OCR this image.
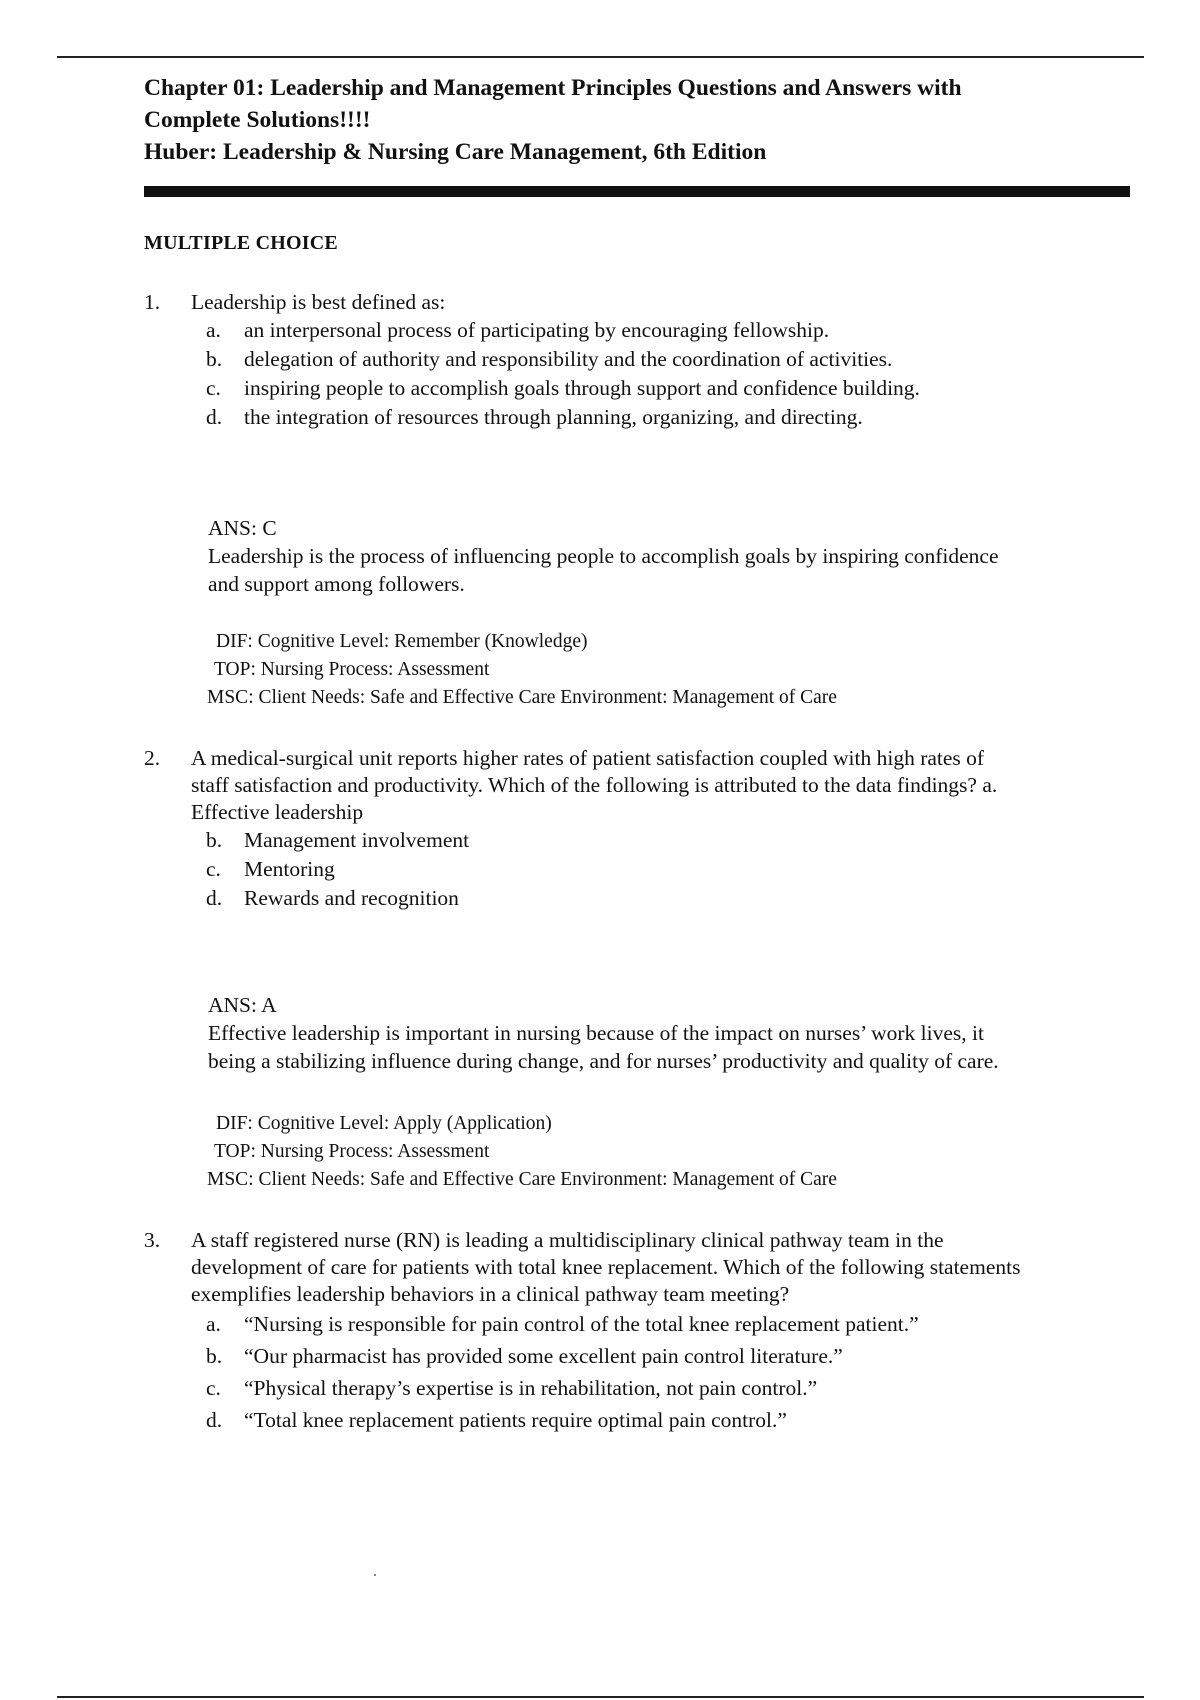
Chapter 01: Leadership and Management Principles Questions and Answers with
Complete Solutions!!!!
Huber: Leadership & Nursing Care Management, 6th Edition
MULTIPLE CHOICE
1. Leadership is best defined as:
a. an interpersonal process of participating by encouraging fellowship.
b. delegation of authority and responsibility and the coordination of activities.
c. inspiring people to accomplish goals through support and confidence building.
d. the integration of resources through planning, organizing, and directing.
ANS: C
Leadership is the process of influencing people to accomplish goals by inspiring confidence
and support among followers.
DIF: Cognitive Level: Remember (Knowledge)
TOP: Nursing Process: Assessment
MSC: Client Needs: Safe and Effective Care Environment: Management of Care
2. A medical-surgical unit reports higher rates of patient satisfaction coupled with high rates of
staff satisfaction and productivity. Which of the following is attributed to the data findings? a.
Effective leadership
b. Management involvement
c. Mentoring
d. Rewards and recognition
ANS: A
Effective leadership is important in nursing because of the impact on nurses’ work lives, it
being a stabilizing influence during change, and for nurses’ productivity and quality of care.
DIF: Cognitive Level: Apply (Application)
TOP: Nursing Process: Assessment
MSC: Client Needs: Safe and Effective Care Environment: Management of Care
3. A staff registered nurse (RN) is leading a multidisciplinary clinical pathway team in the
development of care for patients with total knee replacement. Which of the following statements
exemplifies leadership behaviors in a clinical pathway team meeting?
a. “Nursing is responsible for pain control of the total knee replacement patient.”
b. “Our pharmacist has provided some excellent pain control literature.”
c. “Physical therapy’s expertise is in rehabilitation, not pain control.”
d. “Total knee replacement patients require optimal pain control.”
